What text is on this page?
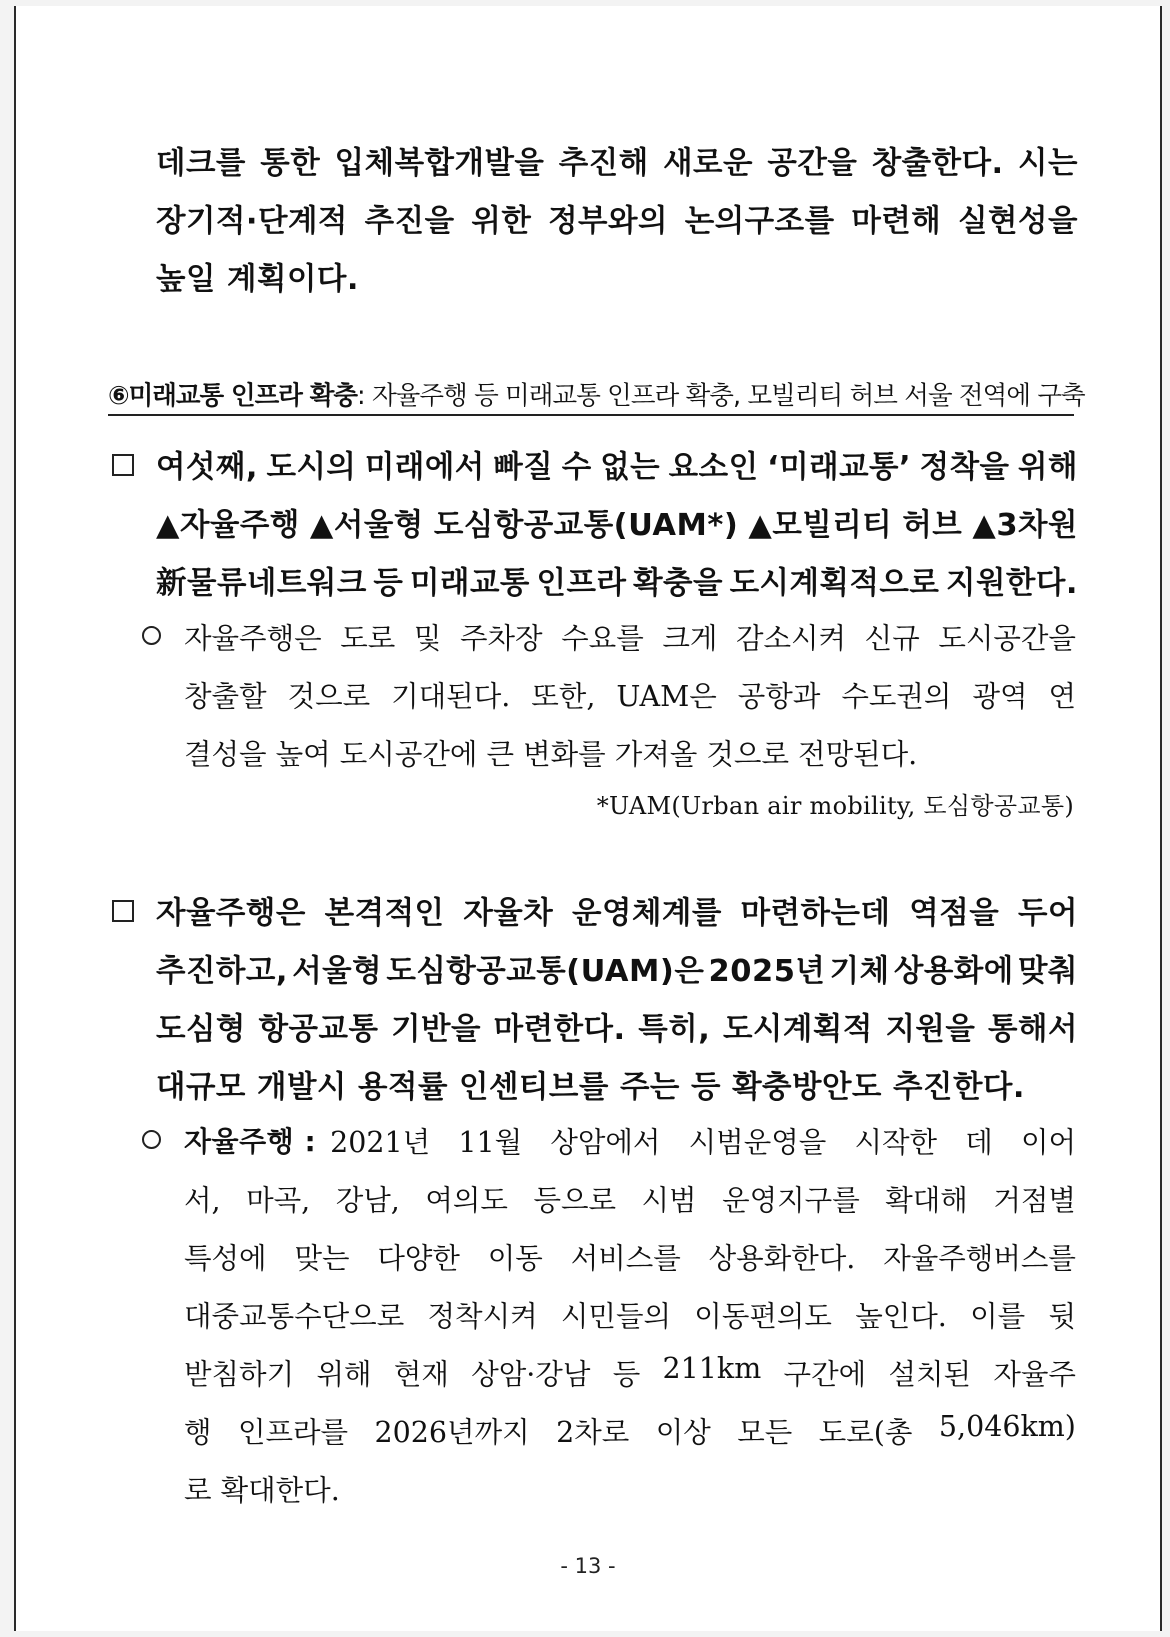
데크를 통한 입체복합개발을 추진해 새로운 공간을 창출한다. 시는
장기적·단계적 추진을 위한 정부와의 논의구조를 마련해 실현성을
높일 계획이다.
⑥미래교통 인프라 확충: 자율주행 등 미래교통 인프라 확충, 모빌리티 허브 서울 전역에 구축
여섯째, 도시의 미래에서 빠질 수 없는 요소인 ‘미래교통’ 정착을 위해
▲자율주행 ▲서울형 도심항공교통(UAM*) ▲모빌리티 허브 ▲3차원
新물류네트워크 등 미래교통 인프라 확충을 도시계획적으로 지원한다.
자율주행은 도로 및 주차장 수요를 크게 감소시켜 신규 도시공간을
창출할 것으로 기대된다. 또한, UAM은 공항과 수도권의 광역 연
결성을 높여 도시공간에 큰 변화를 가져올 것으로 전망된다.
*UAM(Urban air mobility, 도심항공교통)
자율주행은 본격적인 자율차 운영체계를 마련하는데 역점을 두어
추진하고, 서울형 도심항공교통(UAM)은 2025년 기체 상용화에 맞춰
도심형 항공교통 기반을 마련한다. 특히, 도시계획적 지원을 통해서
대규모 개발시 용적률 인센티브를 주는 등 확충방안도 추진한다.
자율주행 : 2021년 11월 상암에서 시범운영을 시작한 데 이어
서, 마곡, 강남, 여의도 등으로 시범 운영지구를 확대해 거점별
특성에 맞는 다양한 이동 서비스를 상용화한다. 자율주행버스를
대중교통수단으로 정착시켜 시민들의 이동편의도 높인다. 이를 뒷
받침하기 위해 현재 상암·강남 등 211km 구간에 설치된 자율주
행 인프라를 2026년까지 2차로 이상 모든 도로(총 5,046km)
로 확대한다.
- 13 -
